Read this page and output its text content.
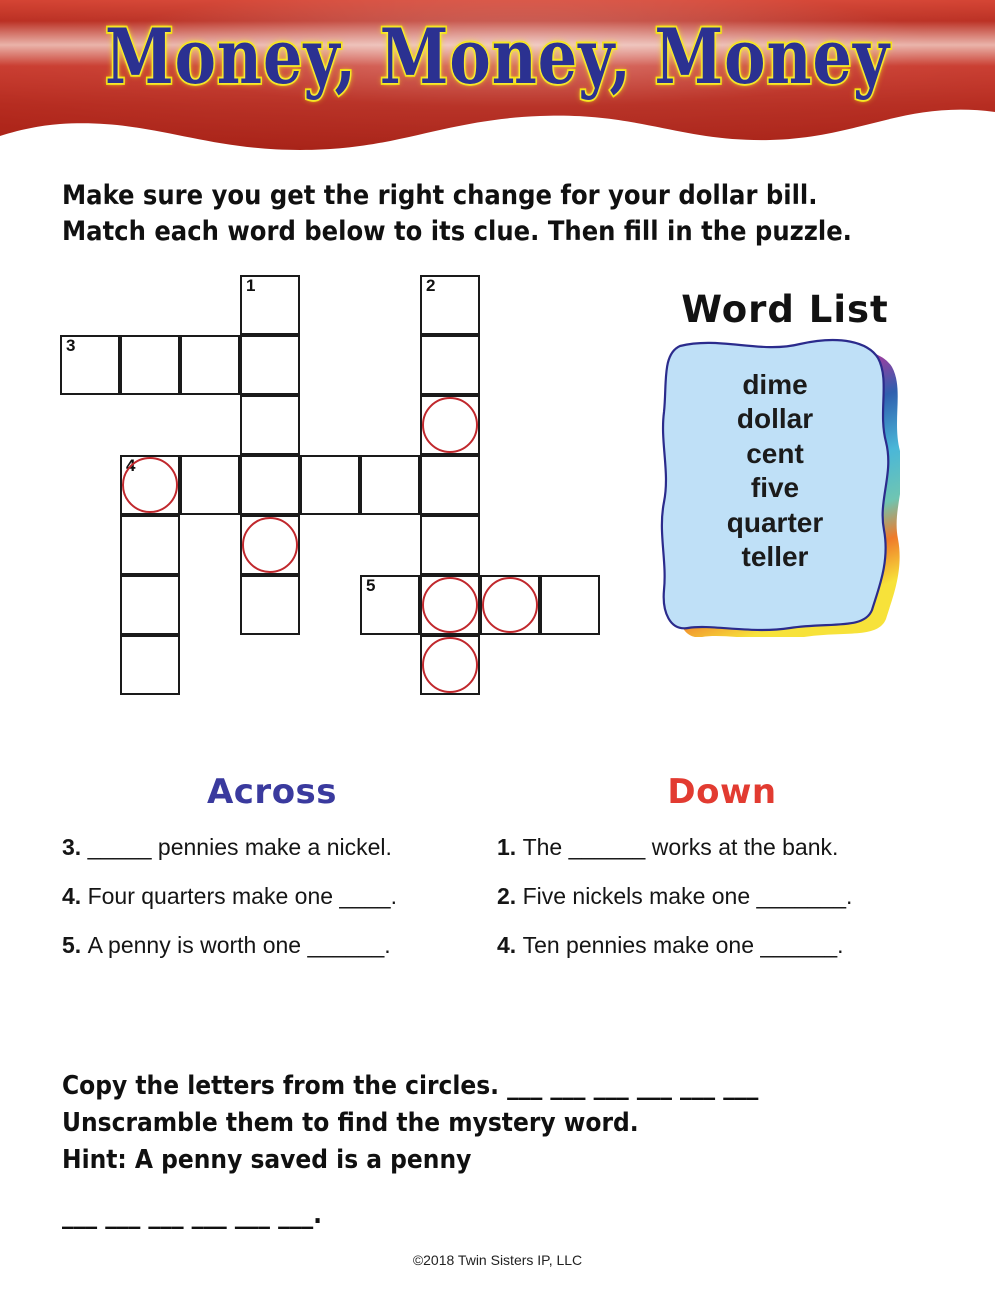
Money, Money, Money
Make sure you get the right change for your dollar bill.
Match each word below to its clue. Then fill in the puzzle.
1	2
3
4
5
Word List
dime
dollar
cent
five
quarter
teller
Across
3. _____ pennies make a nickel.
4. Four quarters make one ____.
5. A penny is worth one ______.
Down
1. The ______ works at the bank.
2. Five nickels make one _______.
4. Ten pennies make one ______.
Copy the letters from the circles. ___ ___ ___ ___ ___ ___
Unscramble them to find the mystery word.
Hint: A penny saved is a penny
___ ___ ___ ___ ___ ___.
©2018 Twin Sisters IP, LLC
